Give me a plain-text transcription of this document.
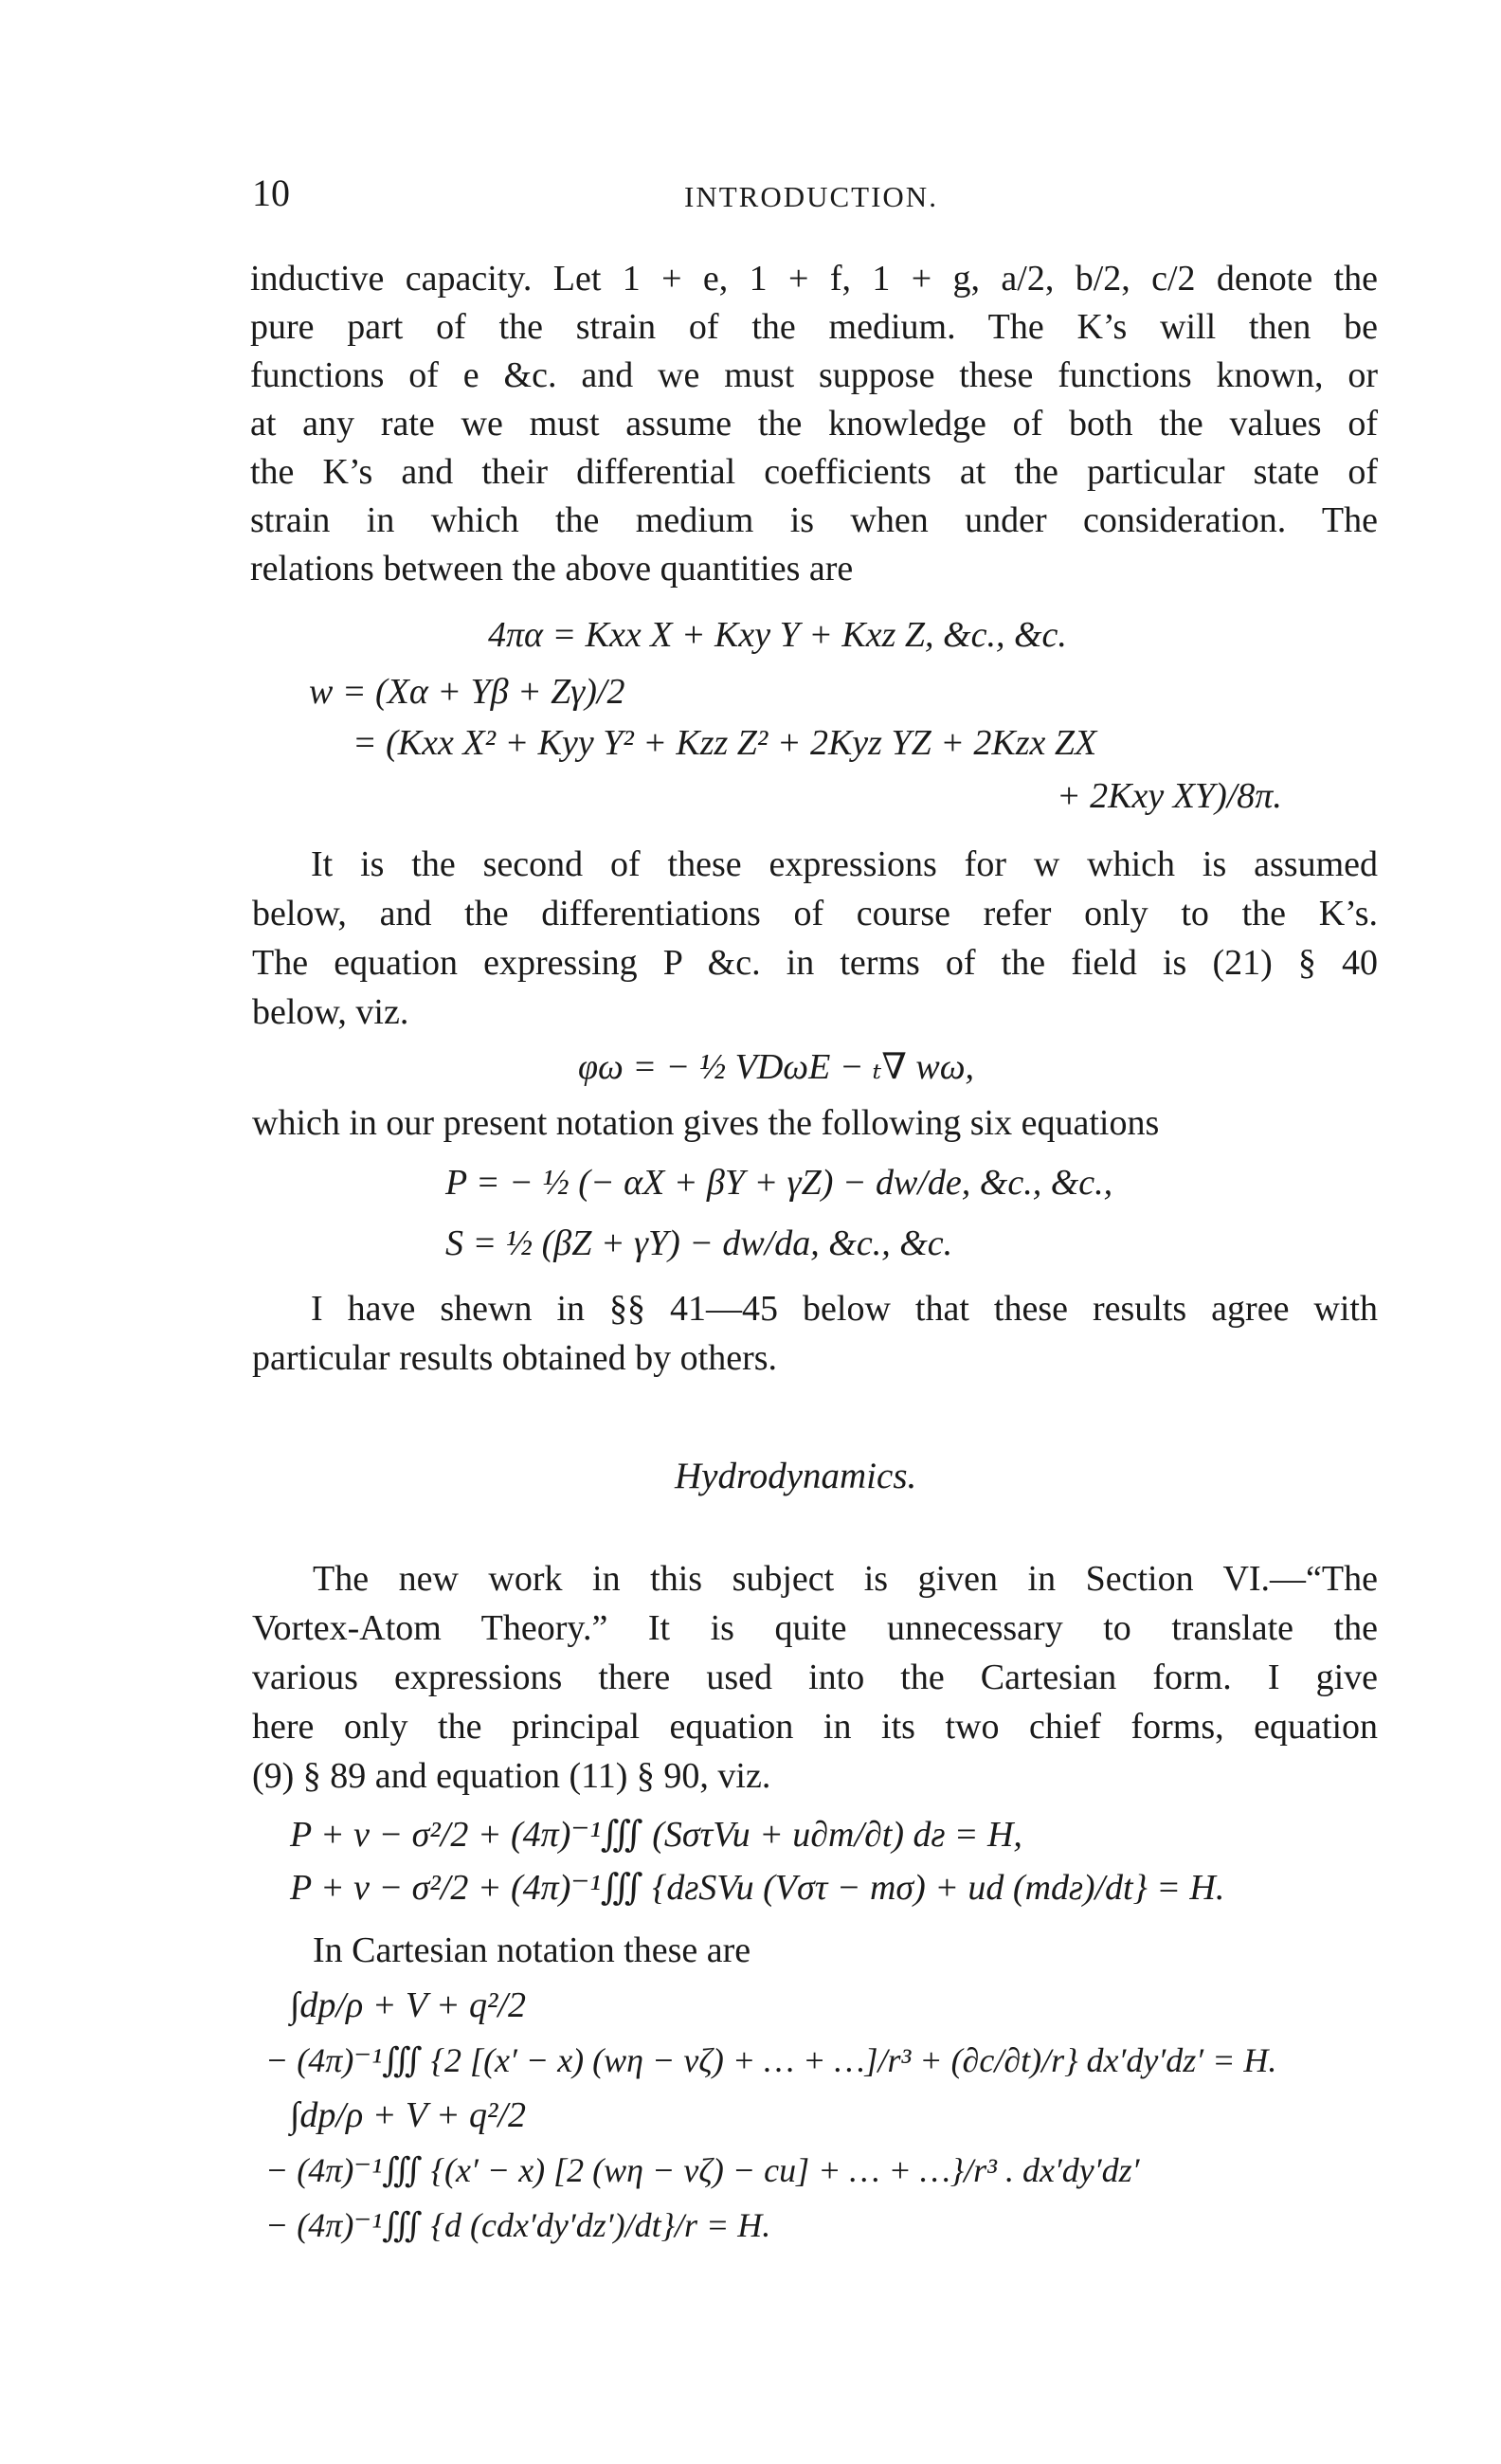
10	INTRODUCTION.
inductive capacity. Let 1 + e, 1 + f, 1 + g, a/2, b/2, c/2 denote the
pure part of the strain of the medium. The K’s will then be
functions of e &c. and we must suppose these functions known, or
at any rate we must assume the knowledge of both the values of
the K’s and their differential coefficients at the particular state of
strain in which the medium is when under consideration. The
relations between the above quantities are
4πα = Kxx X + Kxy Y + Kxz Z, &c., &c.
w = (Xα + Yβ + Zγ)/2
= (Kxx X² + Kyy Y² + Kzz Z² + 2Kyz YZ + 2Kzx ZX
+ 2Kxy XY)/8π.
It is the second of these expressions for w which is assumed
below, and the differentiations of course refer only to the K’s.
The equation expressing P &c. in terms of the field is (21) § 40
below, viz.
φω = − ½ VDωE − ₜ∇ wω,
which in our present notation gives the following six equations
P = − ½ (− αX + βY + γZ) − dw/de, &c., &c.,
S = ½ (βZ + γY) − dw/da, &c., &c.
I have shewn in §§ 41—45 below that these results agree with
particular results obtained by others.
Hydrodynamics.
The new work in this subject is given in Section VI.—“The
Vortex-Atom Theory.” It is quite unnecessary to translate the
various expressions there used into the Cartesian form. I give
here only the principal equation in its two chief forms, equation
(9) § 89 and equation (11) § 90, viz.
P + v − σ²/2 + (4π)⁻¹∭ (SστVu + u∂m/∂t) dƨ = H,
P + v − σ²/2 + (4π)⁻¹∭ {dƨSVu (Vστ − mσ) + ud (mdƨ)/dt} = H.
In Cartesian notation these are
∫dp/ρ + V + q²/2
− (4π)⁻¹∭ {2 [(x′ − x) (wη − vζ) + … + …]/r³ + (∂c/∂t)/r} dx′dy′dz′ = H.
∫dp/ρ + V + q²/2
− (4π)⁻¹∭ {(x′ − x) [2 (wη − vζ) − cu] + … + …}/r³ . dx′dy′dz′
− (4π)⁻¹∭ {d (cdx′dy′dz′)/dt}/r = H.
